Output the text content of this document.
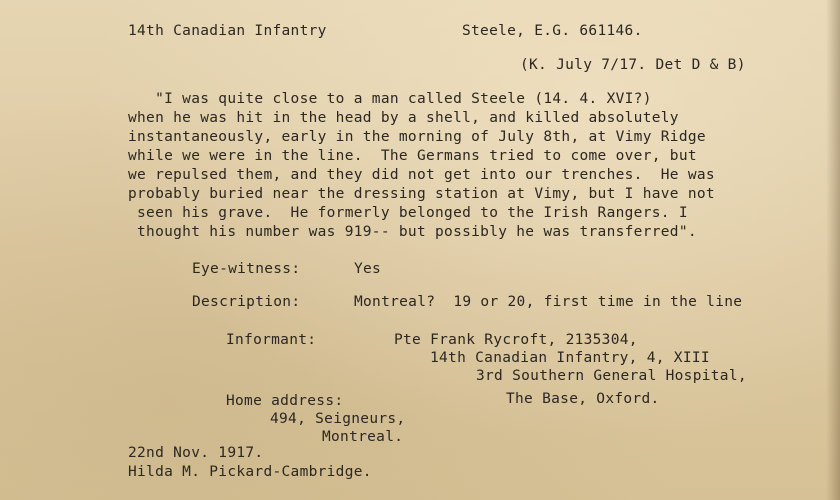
14th Canadian Infantry	Steele, E.G. 661146.
(K. July 7/17. Det D & B)
"I was quite close to a man called Steele (14. 4. XVI?)
when he was hit in the head by a shell, and killed absolutely
instantaneously, early in the morning of July 8th, at Vimy Ridge
while we were in the line.  The Germans tried to come over, but
we repulsed them, and they did not get into our trenches.  He was
probably buried near the dressing station at Vimy, but I have not
seen his grave.  He formerly belonged to the Irish Rangers. I
thought his number was 919-- but possibly he was transferred".
Eye-witness:	Yes
Description:	Montreal?  19 or 20, first time in the line
Informant:	Pte Frank Rycroft, 2135304,
14th Canadian Infantry, 4, XIII
3rd Southern General Hospital,
The Base, Oxford.
Home address:
494, Seigneurs,
Montreal.
22nd Nov. 1917.
Hilda M. Pickard-Cambridge.
